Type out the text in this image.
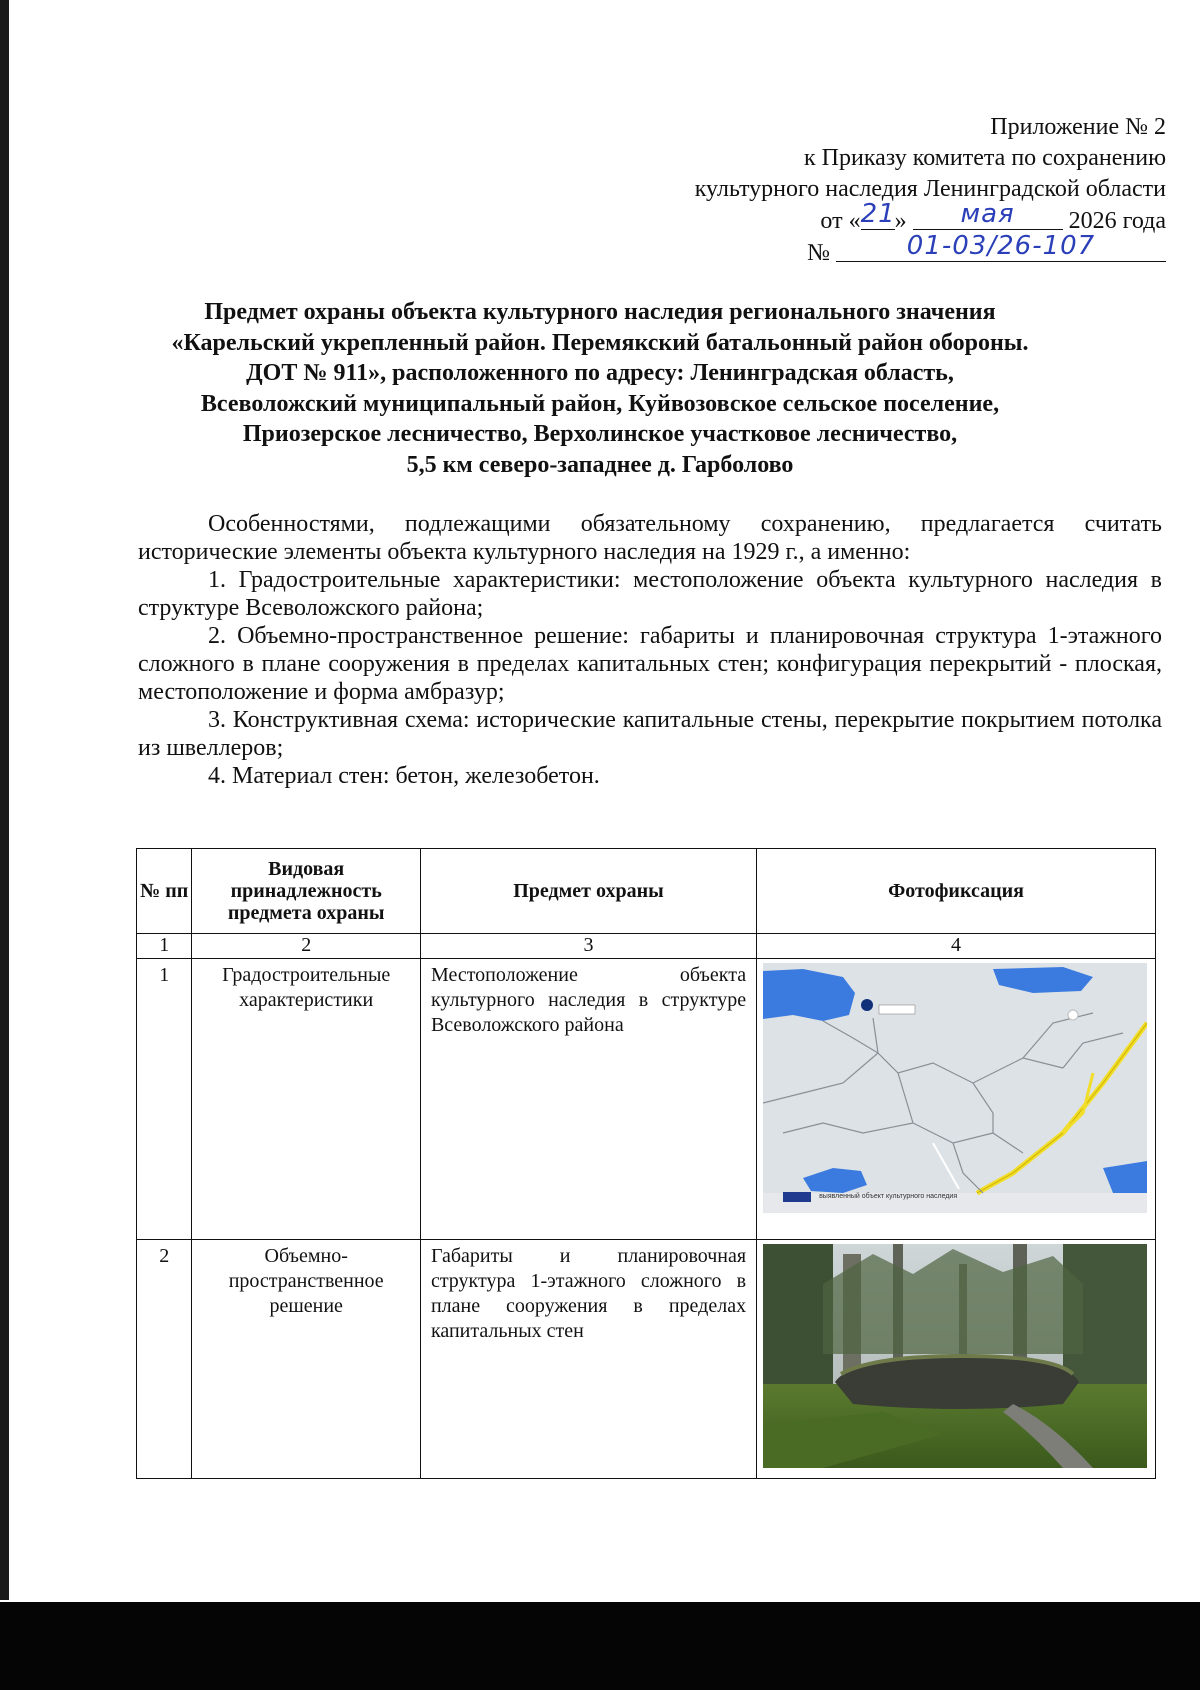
Приложение № 2
к Приказу комитета по сохранению
культурного наследия Ленинградской области
от «21» мая 2026 года
№	01-03/26-107
Предмет охраны объекта культурного наследия регионального значения
«Карельский укрепленный район. Перемякский батальонный район обороны.
ДОТ № 911», расположенного по адресу: Ленинградская область,
Всеволожский муниципальный район, Куйвозовское сельское поселение,
Приозерское лесничество, Верхолинское участковое лесничество,
5,5 км северо-западнее д. Гарболово

Особенностями, подлежащими обязательному сохранению, предлагается считать исторические элементы объекта культурного наследия на 1929 г., а именно:

1. Градостроительные характеристики: местоположение объекта культурного наследия в структуре Всеволожского района;

2. Объемно-пространственное решение: габариты и планировочная структура 1-этажного сложного в плане сооружения в пределах капитальных стен; конфигурация перекрытий - плоская, местоположение и форма амбразур;

3. Конструктивная схема: исторические капитальные стены, перекрытие покрытием потолка из швеллеров;

4. Материал стен: бетон, железобетон.

№ пп	Видовая принадлежность предмета охраны	Предмет охраны	Фотофиксация
1	2	3	4
1	Градостроительные характеристики	Местоположение объекта культурного наследия в структуре Всеволожского района	выявленный объект культурного наследия

2	Объемно-пространственное решение	Габариты и планировочная структура 1-этажного сложного в плане сооружения в пределах капитальных стен	
